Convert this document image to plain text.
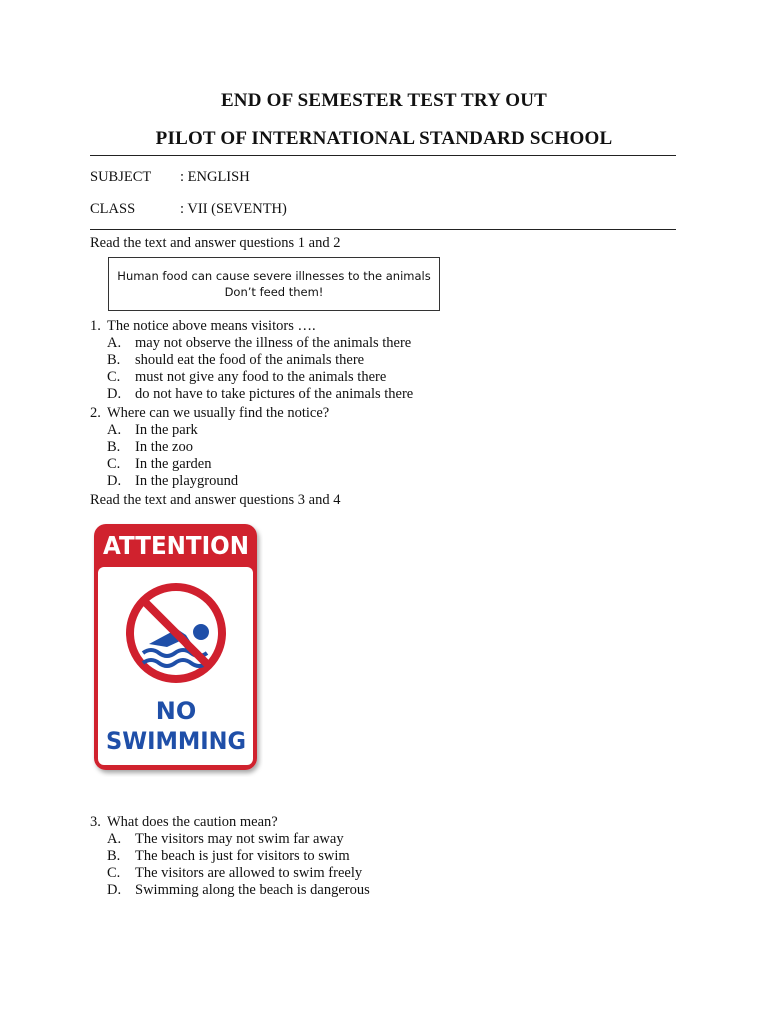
END OF SEMESTER TEST TRY OUT
PILOT OF INTERNATIONAL STANDARD SCHOOL
SUBJECT : ENGLISH
CLASS	: VII (SEVENTH)
Read the text and answer questions 1 and 2
Human food can cause severe illnesses to the animals
Don’t feed them!
1. The notice above means visitors ….
A. may not observe the illness of the animals there
B. should eat the food of the animals there
C. must not give any food to the animals there
D. do not have to take pictures of the animals there
2. Where can we usually find the notice?
A. In the park
B. In the zoo
C. In the garden
D. In the playground
Read the text and answer questions 3 and 4
ATTENTION
NO
SWIMMING
3. What does the caution mean?
A. The visitors may not swim far away
B. The beach is just for visitors to swim
C. The visitors are allowed to swim freely
D. Swimming along the beach is dangerous
